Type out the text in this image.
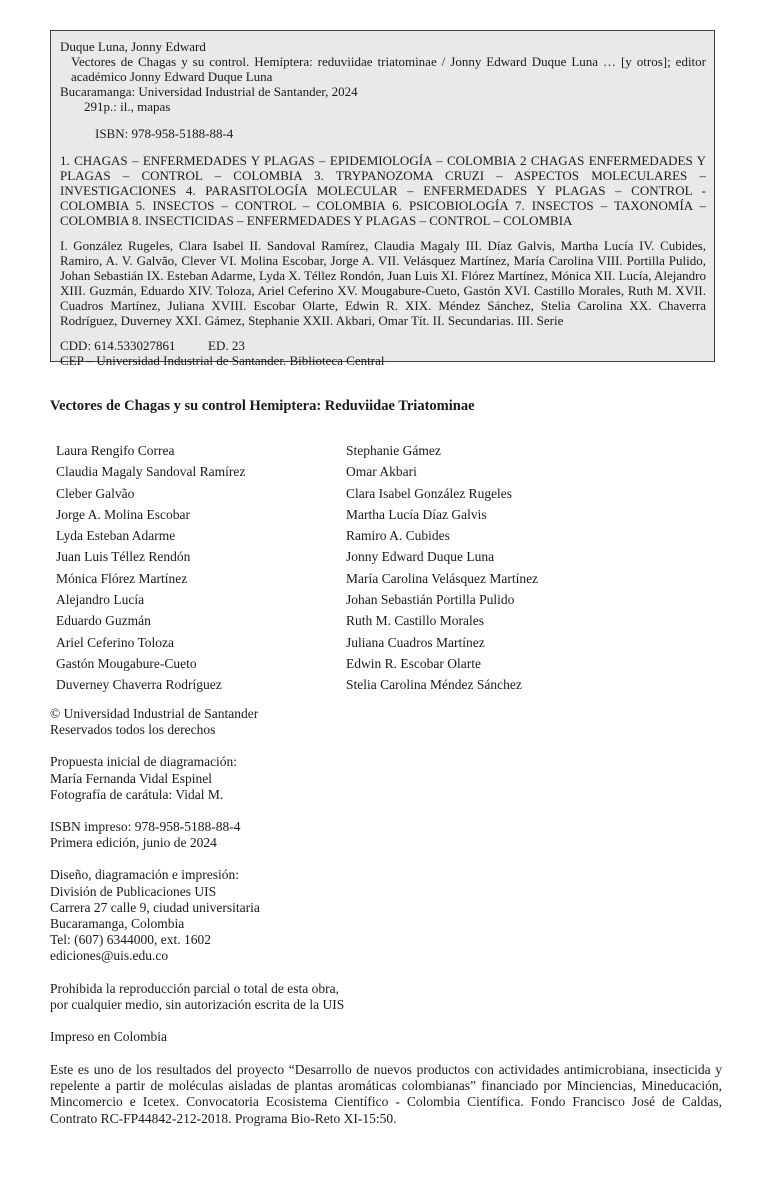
Duque Luna, Jonny Edward

Vectores de Chagas y su control. Hemíptera: reduviidae triatominae / Jonny Edward Duque Luna … [y otros]; editor académico Jonny Edward Duque Luna

Bucaramanga: Universidad Industrial de Santander, 2024

291p.: il., mapas

ISBN: 978-958-5188-88-4

1. CHAGAS – ENFERMEDADES Y PLAGAS – EPIDEMIOLOGÍA – COLOMBIA 2 CHAGAS ENFERMEDADES Y PLAGAS – CONTROL – COLOMBIA 3. TRYPANOZOMA CRUZI – ASPECTOS MOLECULARES – INVESTIGACIONES 4. PARASITOLOGÍA MOLECULAR – ENFERMEDADES Y PLAGAS – CONTROL - COLOMBIA 5. INSECTOS – CONTROL – COLOMBIA 6. PSICOBIOLOGÍA 7. INSECTOS – TAXONOMÍA – COLOMBIA 8. INSECTICIDAS – ENFERMEDADES Y PLAGAS – CONTROL – COLOMBIA

I. González Rugeles, Clara Isabel II. Sandoval Ramírez, Claudia Magaly III. Díaz Galvis, Martha Lucía IV. Cubides, Ramiro, A. V. Galvão, Clever VI. Molina Escobar, Jorge A. VII. Velásquez Martínez, María Carolina VIII. Portilla Pulido, Johan Sebastián IX. Esteban Adarme, Lyda X. Téllez Rondón, Juan Luis XI. Flórez Martínez, Mónica XII. Lucía, Alejandro XIII. Guzmán, Eduardo XIV. Toloza, Ariel Ceferino XV. Mougabure-Cueto, Gastón XVI. Castillo Morales, Ruth M. XVII. Cuadros Martínez, Juliana XVIII. Escobar Olarte, Edwin R. XIX. Méndez Sánchez, Stelia Carolina XX. Chaverra Rodríguez, Duverney XXI. Gámez, Stephanie XXII. Akbari, Omar Tít. II. Secundarias. III. Serie

CDD: 614.533027861 ED. 23

CEP – Universidad Industrial de Santander. Biblioteca Central

Vectores de Chagas y su control Hemiptera: Reduviidae Triatominae
Laura Rengifo Correa
Claudia Magaly Sandoval Ramírez
Cleber Galvão
Jorge A. Molina Escobar
Lyda Esteban Adarme
Juan Luis Téllez Rendón
Mónica Flórez Martínez
Alejandro Lucía
Eduardo Guzmán
Ariel Ceferino Toloza
Gastón Mougabure-Cueto
Duverney Chaverra Rodríguez
Stephanie Gámez
Omar Akbari
Clara Isabel González Rugeles
Martha Lucía Díaz Galvis
Ramiro A. Cubides
Jonny Edward Duque Luna
María Carolina Velásquez Martínez
Johan Sebastián Portilla Pulido
Ruth M. Castillo Morales
Juliana Cuadros Martínez
Edwin R. Escobar Olarte
Stelia Carolina Méndez Sánchez

© Universidad Industrial de Santander

Reservados todos los derechos

Propuesta inicial de diagramación:

María Fernanda Vidal Espinel

Fotografía de carátula: Vidal M.

ISBN impreso: 978-958-5188-88-4

Primera edición, junio de 2024

Diseño, diagramación e impresión:

División de Publicaciones UIS

Carrera 27 calle 9, ciudad universitaria

Bucaramanga, Colombia

Tel: (607) 6344000, ext. 1602

ediciones@uis.edu.co

Prohibida la reproducción parcial o total de esta obra,

por cualquier medio, sin autorización escrita de la UIS

Impreso en Colombia

Este es uno de los resultados del proyecto “Desarrollo de nuevos productos con actividades antimicrobiana, insecticida y repelente a partir de moléculas aisladas de plantas aromáticas colombianas” financiado por Minciencias, Mineducación, Mincomercio e Icetex. Convocatoria Ecosistema Científico - Colombia Científica. Fondo Francisco José de Caldas, Contrato RC-FP44842-212-2018. Programa Bio-Reto XI-15:50.
